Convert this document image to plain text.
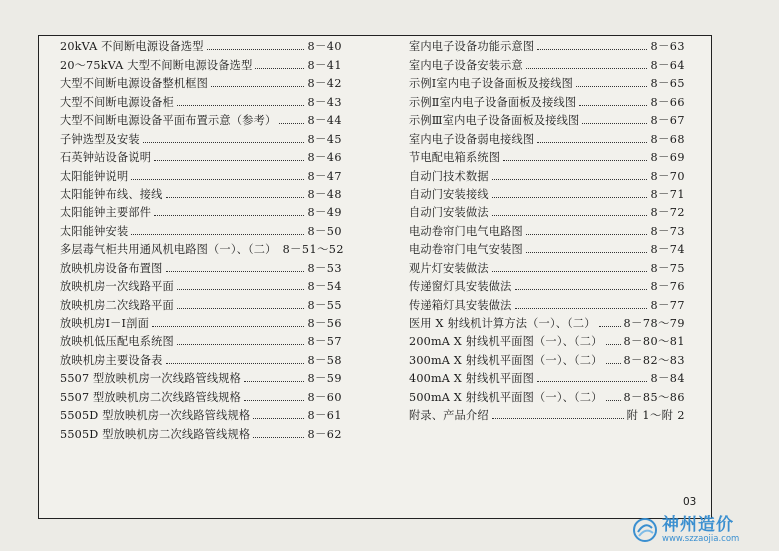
20kVA 不间断电源设备选型	8－40
20～75kVA 大型不间断电源设备选型	8－41
大型不间断电源设备整机框图	8－42
大型不间断电源设备柜	8－43
大型不间断电源设备平面布置示意（参考）	8－44
子钟选型及安装	8－45
石英钟站设备说明	8－46
太阳能钟说明	8－47
太阳能钟布线、接线	8－48
太阳能钟主要部件	8－49
太阳能钟安装	8－50
多层毒气柜共用通风机电路图（一）、（二） 8－51～52
放映机房设备布置图	8－53
放映机房一次线路平面	8－54
放映机房二次线路平面	8－55
放映机房Ⅰ－Ⅰ剖面	8－56
放映机低压配电系统图	8－57
放映机房主要设备表	8－58
5507 型放映机房一次线路管线规格	8－59
5507 型放映机房二次线路管线规格	8－60
5505D 型放映机房一次线路管线规格	8－61
5505D 型放映机房二次线路管线规格	8－62
室内电子设备功能示意图	8－63
室内电子设备安装示意	8－64
示例Ⅰ室内电子设备面板及接线图	8－65
示例Ⅱ室内电子设备面板及接线图	8－66
示例Ⅲ室内电子设备面板及接线图	8－67
室内电子设备弱电接线图	8－68
节电配电箱系统图	8－69
自动门技术数据	8－70
自动门安装接线	8－71
自动门安装做法	8－72
电动卷帘门电气电路图	8－73
电动卷帘门电气安装图	8－74
观片灯安装做法	8－75
传递窗灯具安装做法	8－76
传递箱灯具安装做法	8－77
医用 X 射线机计算方法（一）、（二） 8－78～79
200mA X 射线机平面图（一）、（二） 8－80～81
300mA X 射线机平面图（一）、（二） 8－82～83
400mA X 射线机平面图	8－84
500mA X 射线机平面图（一）、（二） 8－85～86
附录、产品介绍	附 1～附 2
03
神州造价
www.szzaojia.com
